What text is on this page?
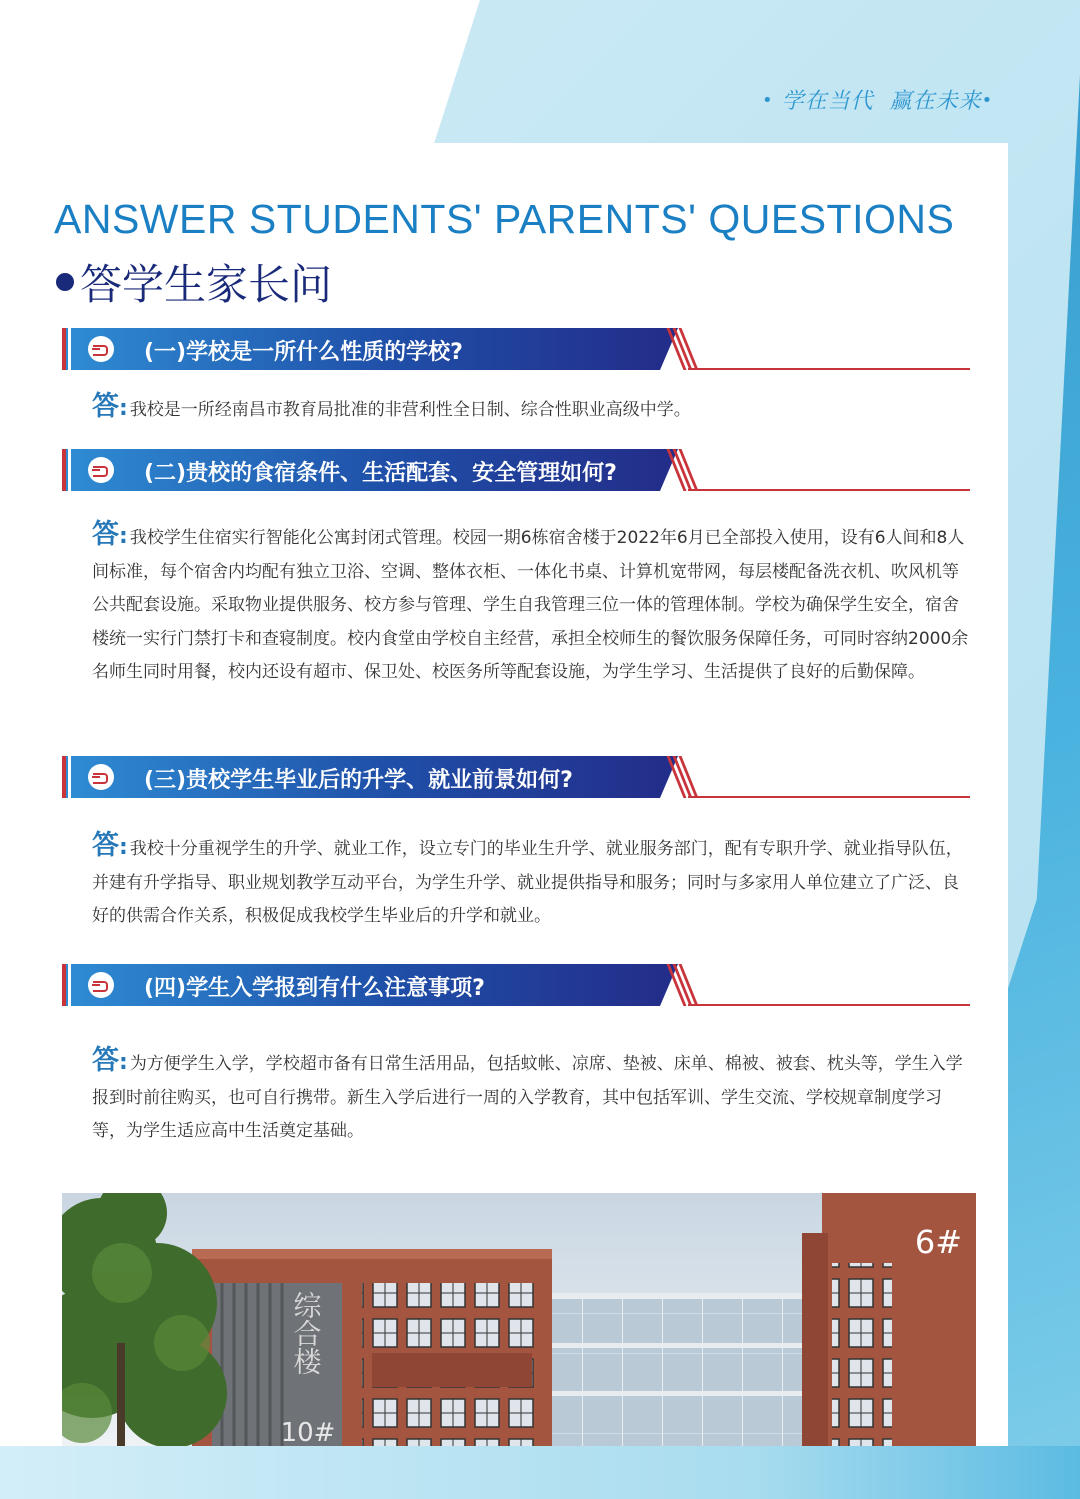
• 学在当代  赢在未来•
ANSWER STUDENTS' PARENTS' QUESTIONS
答学生家长问
(一)学校是一所什么性质的学校?
答: 我校是一所经南昌市教育局批准的非营利性全日制、综合性职业高级中学。
(二)贵校的食宿条件、生活配套、安全管理如何?
答: 我校学生住宿实行智能化公寓封闭式管理。校园一期6栋宿舍楼于2022年6月已全部投入使用，设有6人间和8人间标准，每个宿舍内均配有独立卫浴、空调、整体衣柜、一体化书桌、计算机宽带网，每层楼配备洗衣机、吹风机等公共配套设施。采取物业提供服务、校方参与管理、学生自我管理三位一体的管理体制。学校为确保学生安全，宿舍楼统一实行门禁打卡和查寝制度。校内食堂由学校自主经营，承担全校师生的餐饮服务保障任务，可同时容纳2000余名师生同时用餐，校内还设有超市、保卫处、校医务所等配套设施，为学生学习、生活提供了良好的后勤保障。
(三)贵校学生毕业后的升学、就业前景如何?
答: 我校十分重视学生的升学、就业工作，设立专门的毕业生升学、就业服务部门，配有专职升学、就业指导队伍，并建有升学指导、职业规划教学互动平台，为学生升学、就业提供指导和服务；同时与多家用人单位建立了广泛、良好的供需合作关系，积极促成我校学生毕业后的升学和就业。
(四)学生入学报到有什么注意事项?
答: 为方便学生入学，学校超市备有日常生活用品，包括蚊帐、凉席、垫被、床单、棉被、被套、枕头等，学生入学报到时前往购买，也可自行携带。新生入学后进行一周的入学教育，其中包括军训、学生交流、学校规章制度学习等，为学生适应高中生活奠定基础。
综合楼
10#
6#
